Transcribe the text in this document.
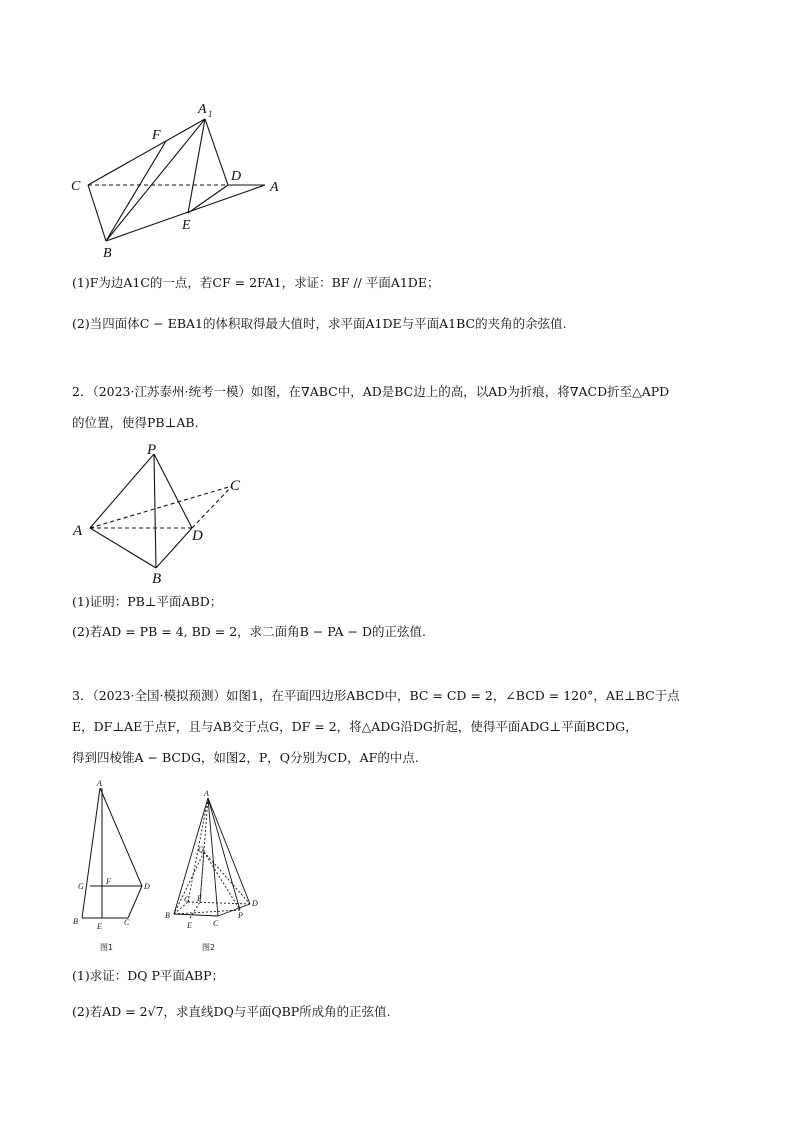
A 1
F
C
D
A
E
B
(1)F为边A1C的一点，若CF = 2FA1，求证：BF // 平面A1DE；
(2)当四面体C − EBA1的体积取得最大值时，求平面A1DE与平面A1BC的夹角的余弦值.
2．（2023·江苏泰州·统考一模）如图，在∇ABC中，AD是BC边上的高，以AD为折痕，将∇ACD折至△APD
的位置，使得PB⊥AB.
P
C
A	D
B
(1)证明：PB⊥平面ABD；
(2)若AD = PB = 4, BD = 2，求二面角B − PA − D的正弦值.
3．（2023·全国·模拟预测）如图1，在平面四边形ABCD中，BC = CD = 2，∠BCD = 120°，AE⊥BC于点
E，DF⊥AE于点F，且与AB交于点G，DF = 2，将△ADG沿DG折起，使得平面ADG⊥平面BCDG，
得到四棱锥A − BCDG，如图2，P，Q分别为CD，AF的中点.
A
G
F
D
B
E	C
图1
A
Q
G F
D
P
B
E	C
图2
(1)求证：DQ P平面ABP；
(2)若AD = 2√7，求直线DQ与平面QBP所成角的正弦值.
